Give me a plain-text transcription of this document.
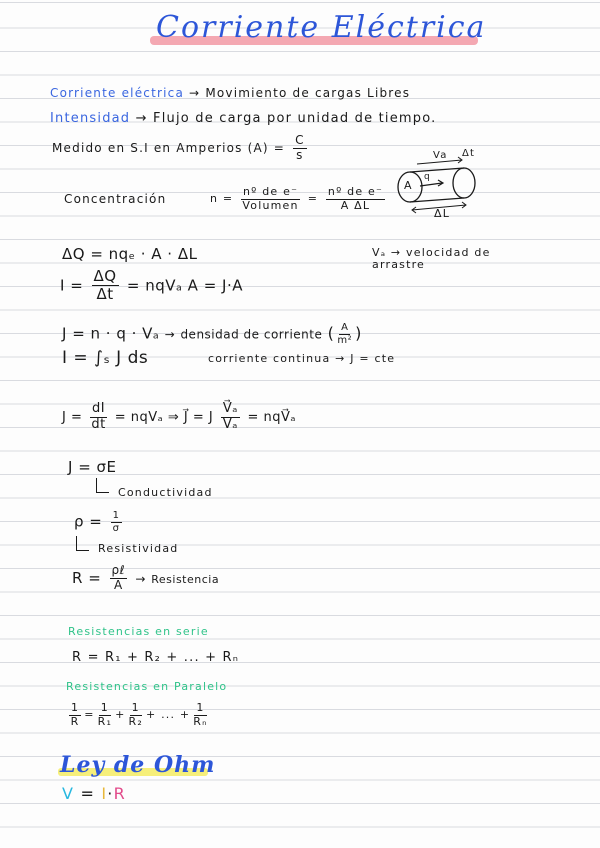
Corriente Eléctrica
Corriente eléctrica → Movimiento de cargas Libres
Intensidad → Flujo de carga por unidad de tiempo.
Medido en S.I en Amperios $(A) = \frac{C}{s}$	Va Δt
A
q
ΔL
Concentración	$n = \frac{\text{nº de e⁻}}{\text{Volumen}} = \frac{\text{nº de e⁻}}{\text{A ΔL}}$
ΔQ = nqₑ · A · ΔL	Vₐ → velocidad de arrastre
$I = \frac{\Delta Q}{\Delta t} = nqV_a$ A = J·A
J = n · q · Vₐ → densidad de corriente ( $\frac{A}{\text{m²}}$ )
I = ∫ₛ J ds	corriente continua → J = cte
$J = \frac{dI}{dt} = nqV_a$ ⇒ J⃗ = J $\frac{\text{V⃗ₐ}}{\text{Vₐ}}$ = nqV⃗ₐ
J = σE
Conductividad
$\rho = \frac{1}{\sigma}$
Resistividad
$R = \frac{\text{ρℓ}}{A}$ → Resistencia
Resistencias en serie
R = R₁ + R₂ + ... + Rₙ
Resistencias en Paralelo
$\frac{1}{R} = \frac{1}{\text{R₁}} + \frac{1}{\text{R₂}}$ + ... + $\frac{1}{\text{Rₙ}}$
Ley de Ohm
V = I·R
